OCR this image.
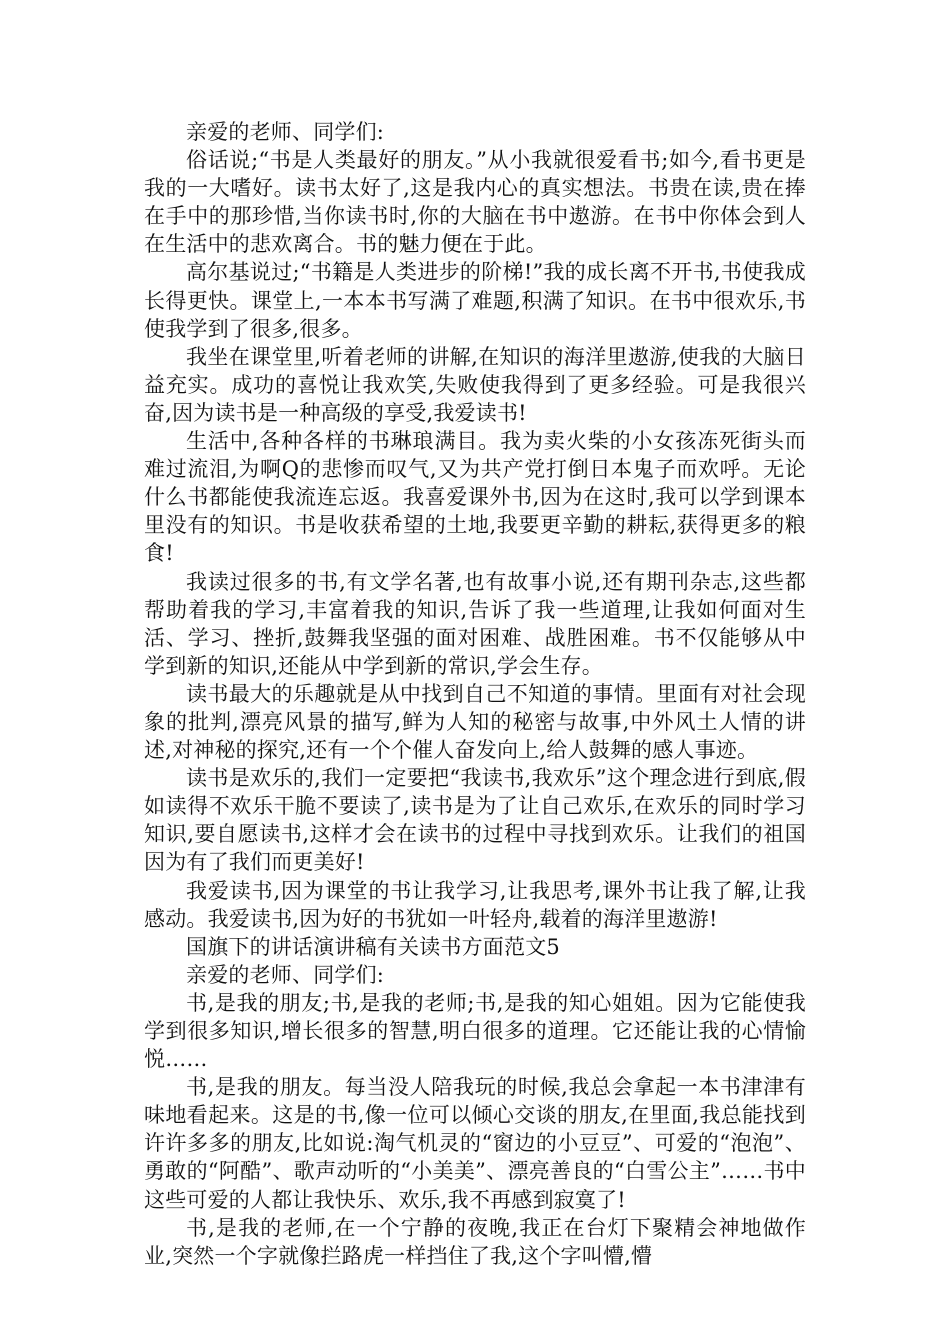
亲爱的老师、同学们:

俗话说;“书是人类最好的朋友。”从小我就很爱看书;如今,看书更是我的一大嗜好。读书太好了,这是我内心的真实想法。书贵在读,贵在捧在手中的那珍惜,当你读书时,你的大脑在书中遨游。在书中你体会到人在生活中的悲欢离合。书的魅力便在于此。

高尔基说过;“书籍是人类进步的阶梯!”我的成长离不开书,书使我成长得更快。课堂上,一本本书写满了难题,积满了知识。在书中很欢乐,书使我学到了很多,很多。

我坐在课堂里,听着老师的讲解,在知识的海洋里遨游,使我的大脑日益充实。成功的喜悦让我欢笑,失败使我得到了更多经验。可是我很兴奋,因为读书是一种高级的享受,我爱读书!

生活中,各种各样的书琳琅满目。我为卖火柴的小女孩冻死街头而难过流泪,为啊Q的悲惨而叹气,又为共产党打倒日本鬼子而欢呼。无论什么书都能使我流连忘返。我喜爱课外书,因为在这时,我可以学到课本里没有的知识。书是收获希望的土地,我要更辛勤的耕耘,获得更多的粮食!

我读过很多的书,有文学名著,也有故事小说,还有期刊杂志,这些都帮助着我的学习,丰富着我的知识,告诉了我一些道理,让我如何面对生活、学习、挫折,鼓舞我坚强的面对困难、战胜困难。书不仅能够从中学到新的知识,还能从中学到新的常识,学会生存。

读书最大的乐趣就是从中找到自己不知道的事情。里面有对社会现象的批判,漂亮风景的描写,鲜为人知的秘密与故事,中外风土人情的讲述,对神秘的探究,还有一个个催人奋发向上,给人鼓舞的感人事迹。

读书是欢乐的,我们一定要把“我读书,我欢乐”这个理念进行到底,假如读得不欢乐干脆不要读了,读书是为了让自己欢乐,在欢乐的同时学习知识,要自愿读书,这样才会在读书的过程中寻找到欢乐。让我们的祖国因为有了我们而更美好!

我爱读书,因为课堂的书让我学习,让我思考,课外书让我了解,让我感动。我爱读书,因为好的书犹如一叶轻舟,载着的海洋里遨游!

国旗下的讲话演讲稿有关读书方面范文5

亲爱的老师、同学们:

书,是我的朋友;书,是我的老师;书,是我的知心姐姐。因为它能使我学到很多知识,增长很多的智慧,明白很多的道理。它还能让我的心情愉悦……

书,是我的朋友。每当没人陪我玩的时候,我总会拿起一本书津津有味地看起来。这是的书,像一位可以倾心交谈的朋友,在里面,我总能找到许许多多的朋友,比如说:淘气机灵的“窗边的小豆豆”、可爱的“泡泡”、勇敢的“阿酷”、歌声动听的“小美美”、漂亮善良的“白雪公主”……书中这些可爱的人都让我快乐、欢乐,我不再感到寂寞了!

书,是我的老师,在一个宁静的夜晚,我正在台灯下聚精会神地做作业,突然一个字就像拦路虎一样挡住了我,这个字叫懵,懵
